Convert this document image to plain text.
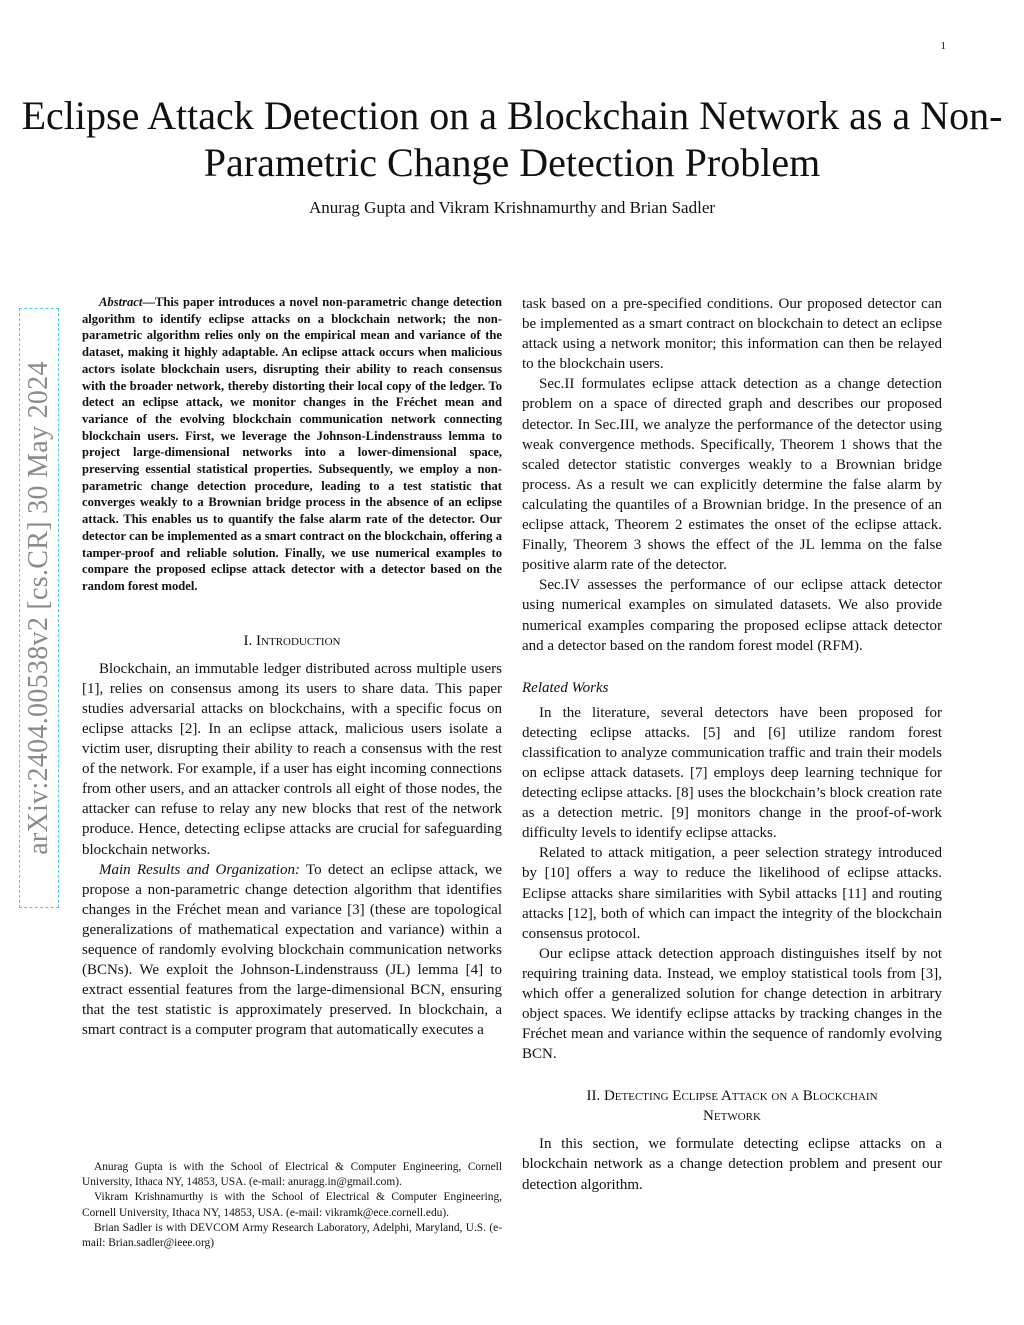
1
Eclipse Attack Detection on a Blockchain Network as a Non-Parametric Change Detection Problem
Anurag Gupta and Vikram Krishnamurthy and Brian Sadler
arXiv:2404.00538v2 [cs.CR] 30 May 2024

Abstract—This paper introduces a novel non-parametric change detection algorithm to identify eclipse attacks on a blockchain network; the non-parametric algorithm relies only on the empirical mean and variance of the dataset, making it highly adaptable. An eclipse attack occurs when malicious actors isolate blockchain users, disrupting their ability to reach consensus with the broader network, thereby distorting their local copy of the ledger. To detect an eclipse attack, we monitor changes in the Fréchet mean and variance of the evolving blockchain communication network connecting blockchain users. First, we leverage the Johnson-Lindenstrauss lemma to project large-dimensional networks into a lower-dimensional space, preserving essential statistical properties. Subsequently, we employ a non-parametric change detection procedure, leading to a test statistic that converges weakly to a Brownian bridge process in the absence of an eclipse attack. This enables us to quantify the false alarm rate of the detector. Our detector can be implemented as a smart contract on the blockchain, offering a tamper-proof and reliable solution. Finally, we use numerical examples to compare the proposed eclipse attack detector with a detector based on the random forest model.

I. Introduction

Blockchain, an immutable ledger distributed across multiple users [1], relies on consensus among its users to share data. This paper studies adversarial attacks on blockchains, with a specific focus on eclipse attacks [2]. In an eclipse attack, malicious users isolate a victim user, disrupting their ability to reach a consensus with the rest of the network. For example, if a user has eight incoming connections from other users, and an attacker controls all eight of those nodes, the attacker can refuse to relay any new blocks that rest of the network produce. Hence, detecting eclipse attacks are crucial for safeguarding blockchain networks.

Main Results and Organization: To detect an eclipse attack, we propose a non-parametric change detection algorithm that identifies changes in the Fréchet mean and variance [3] (these are topological generalizations of mathematical expectation and variance) within a sequence of randomly evolving blockchain communication networks (BCNs). We exploit the Johnson-Lindenstrauss (JL) lemma [4] to extract essential features from the large-dimensional BCN, ensuring that the test statistic is approximately preserved. In blockchain, a smart contract is a computer program that automatically executes a

Anurag Gupta is with the School of Electrical & Computer Engineering, Cornell University, Ithaca NY, 14853, USA. (e-mail: anuragg.in@gmail.com).

Vikram Krishnamurthy is with the School of Electrical & Computer Engineering, Cornell University, Ithaca NY, 14853, USA. (e-mail: vikramk@ece.cornell.edu).

Brian Sadler is with DEVCOM Army Research Laboratory, Adelphi, Maryland, U.S. (e-mail: Brian.sadler@ieee.org)

task based on a pre-specified conditions. Our proposed detector can be implemented as a smart contract on blockchain to detect an eclipse attack using a network monitor; this information can then be relayed to the blockchain users.

Sec.II formulates eclipse attack detection as a change detection problem on a space of directed graph and describes our proposed detector. In Sec.III, we analyze the performance of the detector using weak convergence methods. Specifically, Theorem 1 shows that the scaled detector statistic converges weakly to a Brownian bridge process. As a result we can explicitly determine the false alarm by calculating the quantiles of a Brownian bridge. In the presence of an eclipse attack, Theorem 2 estimates the onset of the eclipse attack. Finally, Theorem 3 shows the effect of the JL lemma on the false positive alarm rate of the detector.

Sec.IV assesses the performance of our eclipse attack detector using numerical examples on simulated datasets. We also provide numerical examples comparing the proposed eclipse attack detector and a detector based on the random forest model (RFM).

Related Works

In the literature, several detectors have been proposed for detecting eclipse attacks. [5] and [6] utilize random forest classification to analyze communication traffic and train their models on eclipse attack datasets. [7] employs deep learning technique for detecting eclipse attacks. [8] uses the blockchain’s block creation rate as a detection metric. [9] monitors change in the proof-of-work difficulty levels to identify eclipse attacks.

Related to attack mitigation, a peer selection strategy introduced by [10] offers a way to reduce the likelihood of eclipse attacks. Eclipse attacks share similarities with Sybil attacks [11] and routing attacks [12], both of which can impact the integrity of the blockchain consensus protocol.

Our eclipse attack detection approach distinguishes itself by not requiring training data. Instead, we employ statistical tools from [3], which offer a generalized solution for change detection in arbitrary object spaces. We identify eclipse attacks by tracking changes in the Fréchet mean and variance within the sequence of randomly evolving BCN.

II. Detecting Eclipse Attack on a Blockchain
Network

In this section, we formulate detecting eclipse attacks on a blockchain network as a change detection problem and present our detection algorithm.
